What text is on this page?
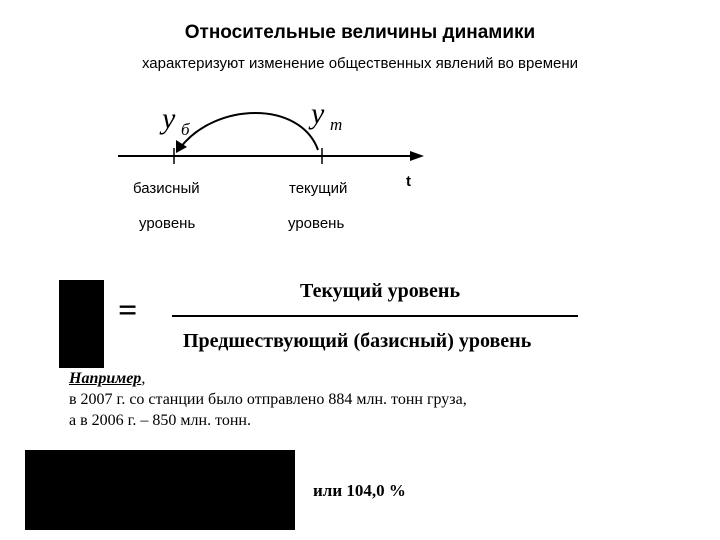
Относительные величины динамики
характеризуют изменение общественных явлений во времени
у б	у т
t
базисный
уровень
текущий
уровень
=
Текущий уровень
Предшествующий (базисный) уровень
Например,
в 2007 г. со станции было отправлено 884 млн. тонн груза,
а в 2006 г. – 850 млн. тонн.
или 104,0 %
